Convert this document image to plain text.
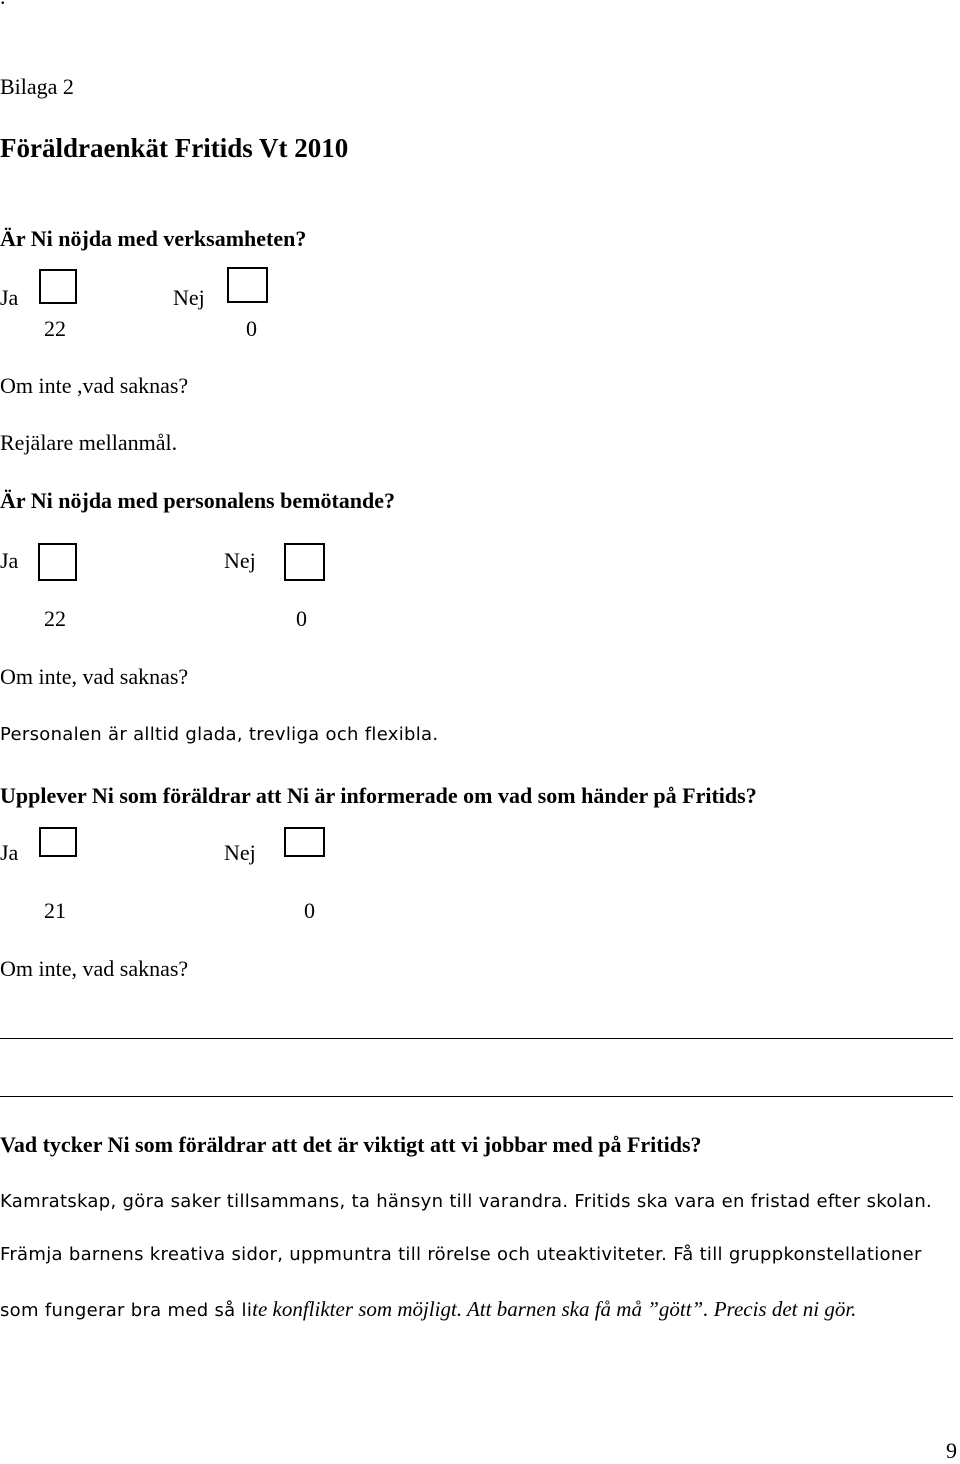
Bilaga 2
Föräldraenkät Fritids Vt 2010
Är Ni nöjda med verksamheten?
Ja	Nej
22	0
Om inte ,vad saknas?
Rejälare mellanmål.
Är Ni nöjda med personalens bemötande?
Ja	Nej
22	0
Om inte, vad saknas?
Personalen är alltid glada, trevliga och flexibla.
Upplever Ni som föräldrar att Ni är informerade om vad som händer på Fritids?
Ja	Nej
21	0
Om inte, vad saknas?
Vad tycker Ni som föräldrar att det är viktigt att vi jobbar med på Fritids?
Kamratskap, göra saker tillsammans, ta hänsyn till varandra. Fritids ska vara en fristad efter skolan.
Främja barnens kreativa sidor, uppmuntra till rörelse och uteaktiviteter. Få till gruppkonstellationer
som fungerar bra med så lite konflikter som möjligt. Att barnen ska få må ”gött”. Precis det ni gör.
9
